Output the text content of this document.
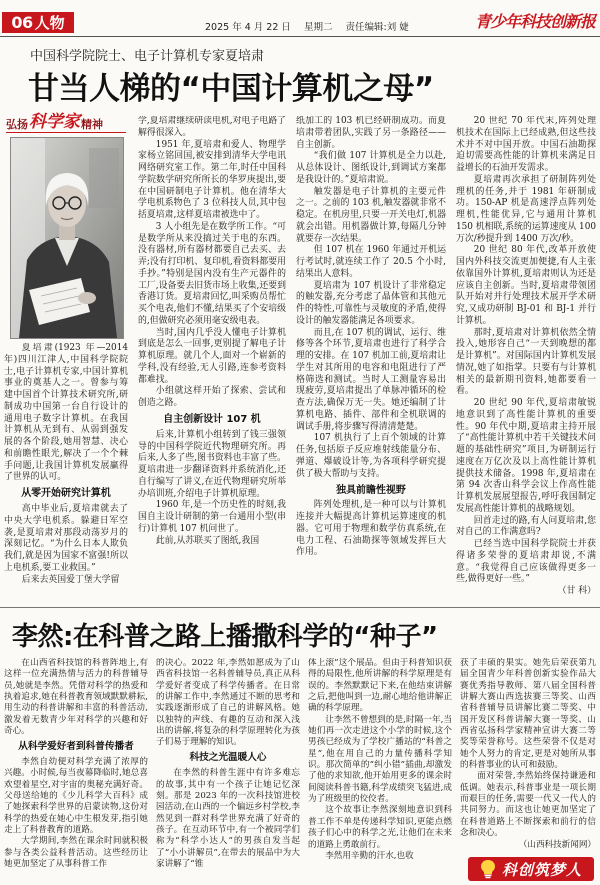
06 人物	2025 年 4 月 22 日 星期二 责任编辑:刘 婕	青少年科技创新报
中国科学院院士、电子计算机专家夏培肃
甘当人梯的“中国计算机之母”
弘扬 科学家 精神

夏培肃(1923 年—2014 年)四川江津人,中国科学院院士,电子计算机专家,中国计算机事业的奠基人之一。曾参与筹建中国首个计算技术研究所,研制成功中国第一台自行设计的通用电子数字计算机。在我国计算机从无到有、从弱到强发展的各个阶段,她用智慧、决心和前瞻性眼光,解决了一个个棘手问题,让我国计算机发展赢得了世界的认可。

从零开始研究计算机

高中毕业后,夏培肃就去了中央大学电机系。躲避日军空袭,是夏培肃对那段动荡岁月的深刻记忆。“为什么日本人欺负我们,就是因为国家不富强!所以上电机系,要工业救国。”

后来去英国爱丁堡大学留

学,夏培肃继续研读电机,对电子电路了解得很深入。

1951 年,夏培肃和爱人、物理学家杨立铭回国,被安排到清华大学电讯网络研究室工作。第二年,时任中国科学院数学研究所所长的华罗庚提出,要在中国研制电子计算机。他在清华大学电机系物色了 3 位科技人员,其中包括夏培肃,这样夏培肃被选中了。

3 人小组先是在数学所工作。“可是数学所从来没搞过关于电的东西。没有器材,所有器材都要自己去买、去弄;没有打印机、复印机,看资料都要用手抄。”特别是国内没有生产元器件的工厂,设备要去旧货市场上收集,还要到香港订货。夏培肃回忆,叫采购员帮忙买个电表,他们不懂,结果买了个安培级的,但做研究必须用毫安级电表。

当时,国内几乎没人懂电子计算机到底是怎么一回事,更别提了解电子计算机原理。就几个人,面对一个崭新的学科,没有经验,无人引路,连参考资料都难找。

小组就这样开始了探索、尝试和创造之路。

自主创新设计 107 机

后来,计算机小组转到了钱三强领导的中国科学院近代物理研究所。再后来,人多了些,图书资料也丰富了些。夏培肃进一步翻译资料并系统消化,还自行编写了讲义,在近代物理研究所举办培训班,介绍电子计算机原理。

1960 年,是一个历史性的时刻,我国自主设计研制的第一台通用小型(串行)计算机 107 机问世了。

此前,从苏联买了图纸,我国

纸加工的 103 机已经研制成功。而夏培肃带着团队,实践了另一条路径——自主创新。

“我们做 107 计算机是全力以赴,从总体设计、图纸设计,到调试方案都是我设计的。”夏培肃说。

触发器是电子计算机的主要元件之一。之前的 103 机,触发器就非常不稳定。在机房里,只要一开关电灯,机器就会出错。用机器做计算,每隔几分钟就要存一次结果。

但 107 机在 1960 年通过开机运行考试时,就连续工作了 20.5 个小时,结果出人意料。

夏培肃为 107 机设计了非常稳定的触发器,充分考虑了晶体管和其他元件的特性,可靠性与灵敏度的矛盾,使得设计的触发器能满足各项要求。

而且,在 107 机的调试、运行、维修等各个环节,夏培肃也进行了科学合理的安排。在 107 机加工前,夏培肃让学生对其所用的电容和电阻进行了严格筛选和测试。当时人工测量容易出现疲劳,夏培肃提出了单脉冲循环的检查方法,确保万无一失。她还编制了计算机电路、插件、部件和全机联调的调试手册,将步骤写得清清楚楚。

107 机执行了上百个领域的计算任务,包括原子反应堆射线能量分布、弹道、爆破设计等,为各项科学研究提供了极大帮助与支持。

独具前瞻性视野

阵列处理机,是一种可以与计算机连接并大幅提高计算机运算速度的机器。它可用于物理和数学仿真系统,在电力工程、石油勘探等领域发挥巨大作用。

20 世纪 70 年代末,阵列处理机技术在国际上已经成熟,但这些技术并不对中国开放。中国石油勘探迫切需要高性能的计算机来满足日益增长的石油开发需求。

夏培肃再次承担了研制阵列处理机的任务,并于 1981 年研制成功。150-AP 机是高速浮点阵列处理机,性能优异,它与通用计算机 150 机相联,系统的运算速度从 100 万次/秒提升到 1400 万次/秒。

20 世纪 80 年代,改革开放使国内外科技交流更加便捷,有人主张依靠国外计算机,夏培肃则认为还是应该自主创新。当时,夏培肃带领团队开始对并行处理技术展开学术研究,又成功研制 BJ-01 和 BJ-1 并行计算机。

那时,夏培肃对计算机依然全情投入,她形容自己“一天到晚想的都是计算机”。对国际国内计算机发展情况,她了如指掌。只要有与计算机相关的最新期刊资料,她都要看一看。

20 世纪 90 年代,夏培肃敏锐地意识到了高性能计算机的重要性。90 年代中期,夏培肃主持开展了“高性能计算机中若干关键技术问题的基础性研究”项目,为研制运行速度在万亿次及以上高性能计算机提供技术储备。1998 年,夏培肃在第 94 次香山科学会议上作高性能计算机发展展望报告,呼吁我国制定发展高性能计算机的战略规划。

回首走过的路,有人问夏培肃,您对自己的工作满意吗?

已经当选中国科学院院士并获得诸多荣誉的夏培肃却说,不满意。“我觉得自己应该做得更多一些,做得更好一些。”

（甘 科）

李然:在科普之路上播撒科学的“种子”

在山西省科技馆的科普阵地上,有这样一位充满热情与活力的科普辅导员,她就是李然。凭借对科学的热爱和执着追求,她在科普教育领域默默耕耘,用生动的科普讲解和丰富的科普活动,激发着无数青少年对科学的兴趣和好奇心。

从科学爱好者到科普传播者

李然自幼便对科学充满了浓厚的兴趣。小时候,每当夜幕降临时,她总喜欢望着星空,对宇宙的奥秘充满好奇。父母送给她的《少儿科学大百科》成了她探索科学世界的启蒙读物,这份对科学的热爱在她心中生根发芽,指引她走上了科普教育的道路。

大学期间,李然在课余时间就积极参与各类公益科普活动。这些经历让她更加坚定了从事科普工作

的决心。2022 年,李然如愿成为了山西省科技馆一名科普辅导员,真正从科学爱好者变成了科学传播者。在日常的讲解工作中,李然通过不断的思考和实践逐渐形成了自己的讲解风格。她以独特的声线、有趣的互动和深入浅出的讲解,将复杂的科学原理转化为孩子们易于理解的知识。

科技之光温暖人心

在李然的科普生涯中有许多难忘的故事,其中有一个孩子让她记忆深刻。那是 2023 年的一次科技馆进校园活动,在山西的一个偏远乡村学校,李然见到一群对科学世界充满了好奇的孩子。在互动环节中,有一个被同学们称为“科学小达人”的男孩自发当起了“小小讲解员”,在带去的展品中为大家讲解了“锥

体上滚”这个展品。但由于科普知识获得的局限性,他所讲解的科学原理是有误的。李然默默记下来,在他结束讲解之后,把他叫到一边,耐心地给他讲解正确的科学原理。

让李然不曾想到的是,时隔一年,当她们再一次走进这个小学的时候,这个男孩已经成为了学校广播站的“科普之星”,他在用自己的力量传播科学知识。那次简单的“纠小错”插曲,却激发了他的求知欲,他开始用更多的课余时间阅读科普书籍,科学成绩突飞猛进,成为了班级里的佼佼者。

这个故事让李然深刻地意识到科普工作不单是传递科学知识,更能点燃孩子们心中的科学之光,让他们在未来的道路上勇敢前行。

李然用辛勤的汗水,也收

获了丰硕的果实。她先后荣获第九届全国青少年科普创新实验作品大赛优秀指导教师、第八届全国科普讲解大赛山西选拔赛三等奖、山西省科普辅导员讲解比赛二等奖、中国开发区科普讲解大赛一等奖、山西省弘扬科学家精神宣讲大赛二等奖等荣誉称号。这些荣誉不仅是对她个人努力的肯定,更是对她所从事的科普事业的认可和鼓励。

面对荣誉,李然始终保持谦逊和低调。她表示,科普事业是一项长期而艰巨的任务,需要一代又一代人的共同努力。而这也让她更加坚定了在科普道路上不断探索和前行的信念和决心。

（山西科技新闻网）

科创筑梦人
